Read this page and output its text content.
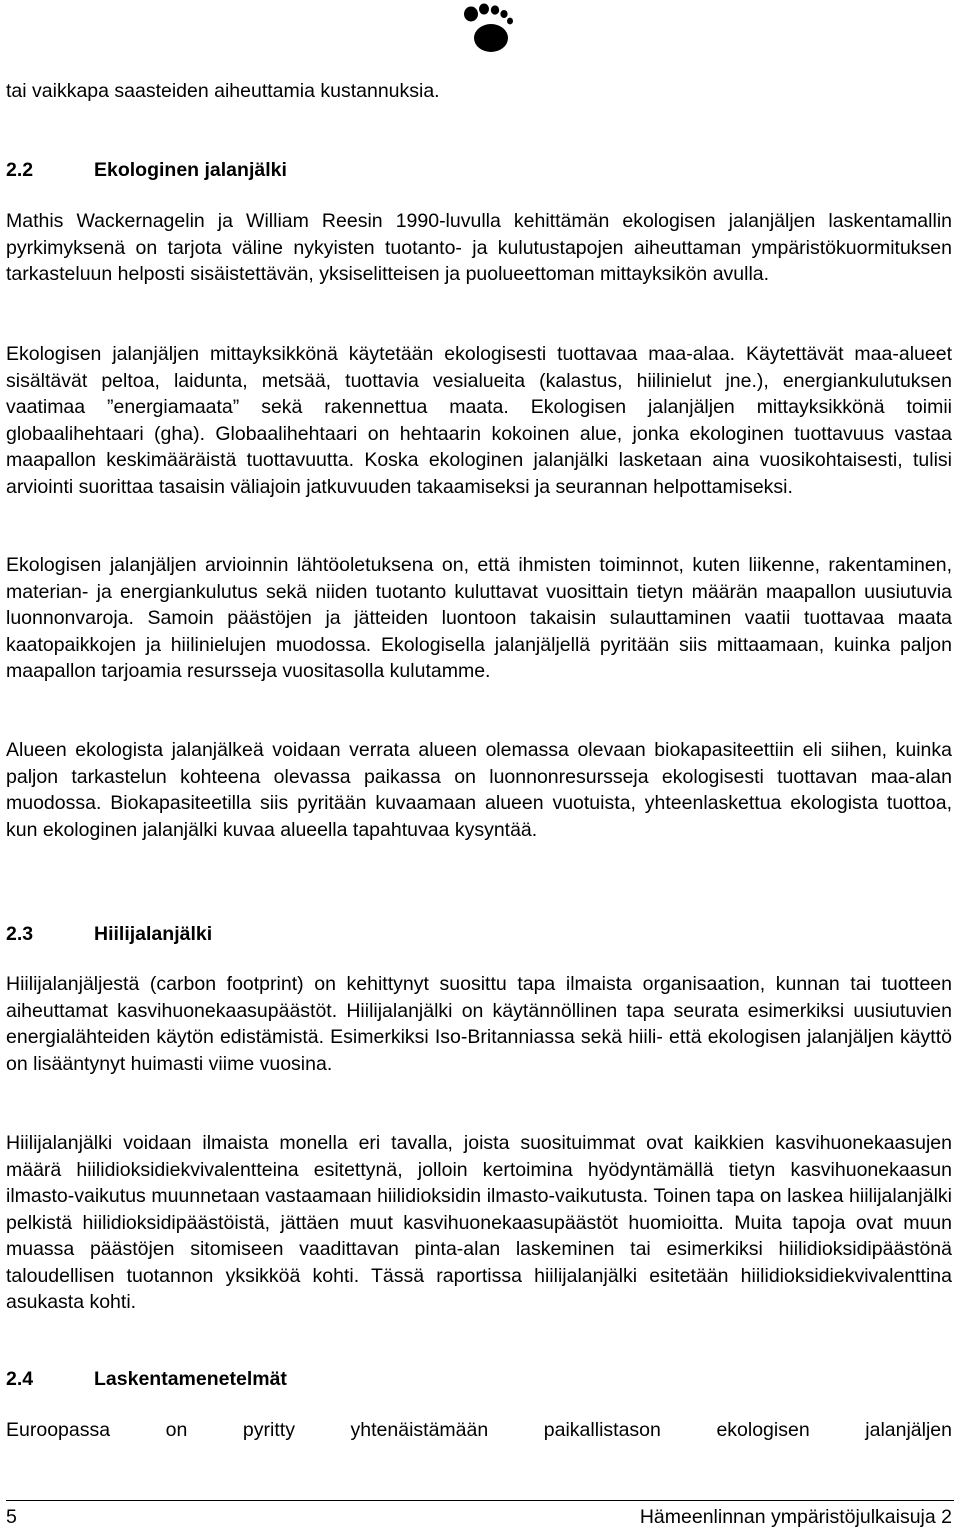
tai vaikkapa saasteiden aiheuttamia kustannuksia.

2.2	Ekologinen jalanjälki

Mathis Wackernagelin ja William Reesin 1990-luvulla kehittämän ekologisen jalanjäljen laskentamallin pyrkimyksenä on tarjota väline nykyisten tuotanto- ja kulutustapojen aiheuttaman ympäristökuormituksen tarkasteluun helposti sisäistettävän, yksiselitteisen ja puolueettoman mittayksikön avulla.

Ekologisen jalanjäljen mittayksikkönä käytetään ekologisesti tuottavaa maa-alaa. Käytettävät maa-alueet sisältävät peltoa, laidunta, metsää, tuottavia vesialueita (kalastus, hiilinielut jne.), energiankulutuksen vaatimaa ”energiamaata” sekä rakennettua maata. Ekologisen jalanjäljen mittayksikkönä toimii globaalihehtaari (gha). Globaalihehtaari on hehtaarin kokoinen alue, jonka ekologinen tuottavuus vastaa maapallon keskimääräistä tuottavuutta. Koska ekologinen jalanjälki lasketaan aina vuosikohtaisesti, tulisi arviointi suorittaa tasaisin väliajoin jatkuvuuden takaamiseksi ja seurannan helpottamiseksi.

Ekologisen jalanjäljen arvioinnin lähtöoletuksena on, että ihmisten toiminnot, kuten liikenne, rakentaminen, materian- ja energiankulutus sekä niiden tuotanto kuluttavat vuosittain tietyn määrän maapallon uusiutuvia luonnonvaroja. Samoin päästöjen ja jätteiden luontoon takaisin sulauttaminen vaatii tuottavaa maata kaatopaikkojen ja hiilinielujen muodossa. Ekologisella jalanjäljellä pyritään siis mittaamaan, kuinka paljon maapallon tarjoamia resursseja vuositasolla kulutamme.

Alueen ekologista jalanjälkeä voidaan verrata alueen olemassa olevaan biokapasiteettiin eli siihen, kuinka paljon tarkastelun kohteena olevassa paikassa on luonnonresursseja ekologisesti tuottavan maa-alan muodossa. Biokapasiteetilla siis pyritään kuvaamaan alueen vuotuista, yhteenlaskettua ekologista tuottoa, kun ekologinen jalanjälki kuvaa alueella tapahtuvaa kysyntää.

2.3	Hiilijalanjälki

Hiilijalanjäljestä (carbon footprint) on kehittynyt suosittu tapa ilmaista organisaation, kunnan tai tuotteen aiheuttamat kasvihuonekaasupäästöt. Hiilijalanjälki on käytännöllinen tapa seurata esimerkiksi uusiutuvien energialähteiden käytön edistämistä. Esimerkiksi Iso-Britanniassa sekä hiili- että ekologisen jalanjäljen käyttö on lisääntynyt huimasti viime vuosina.

Hiilijalanjälki voidaan ilmaista monella eri tavalla, joista suosituimmat ovat kaikkien kasvihuonekaasujen määrä hiilidioksidiekvivalentteina esitettynä, jolloin kertoimina hyödyntämällä tietyn kasvihuonekaasun ilmasto-vaikutus muunnetaan vastaamaan hiilidioksidin ilmasto-vaikutusta. Toinen tapa on laskea hiilijalanjälki pelkistä hiilidioksidipäästöistä, jättäen muut kasvihuonekaasupäästöt huomioitta. Muita tapoja ovat muun muassa päästöjen sitomiseen vaadittavan pinta-alan laskeminen tai esimerkiksi hiilidioksidipäästönä taloudellisen tuotannon yksikköä kohti. Tässä raportissa hiilijalanjälki esitetään hiilidioksidiekvivalenttina asukasta kohti.

2.4	Laskentamenetelmät

Euroopassa on pyritty yhtenäistämään paikallistason ekologisen jalanjäljen

5	Hämeenlinnan ympäristöjulkaisuja 2
